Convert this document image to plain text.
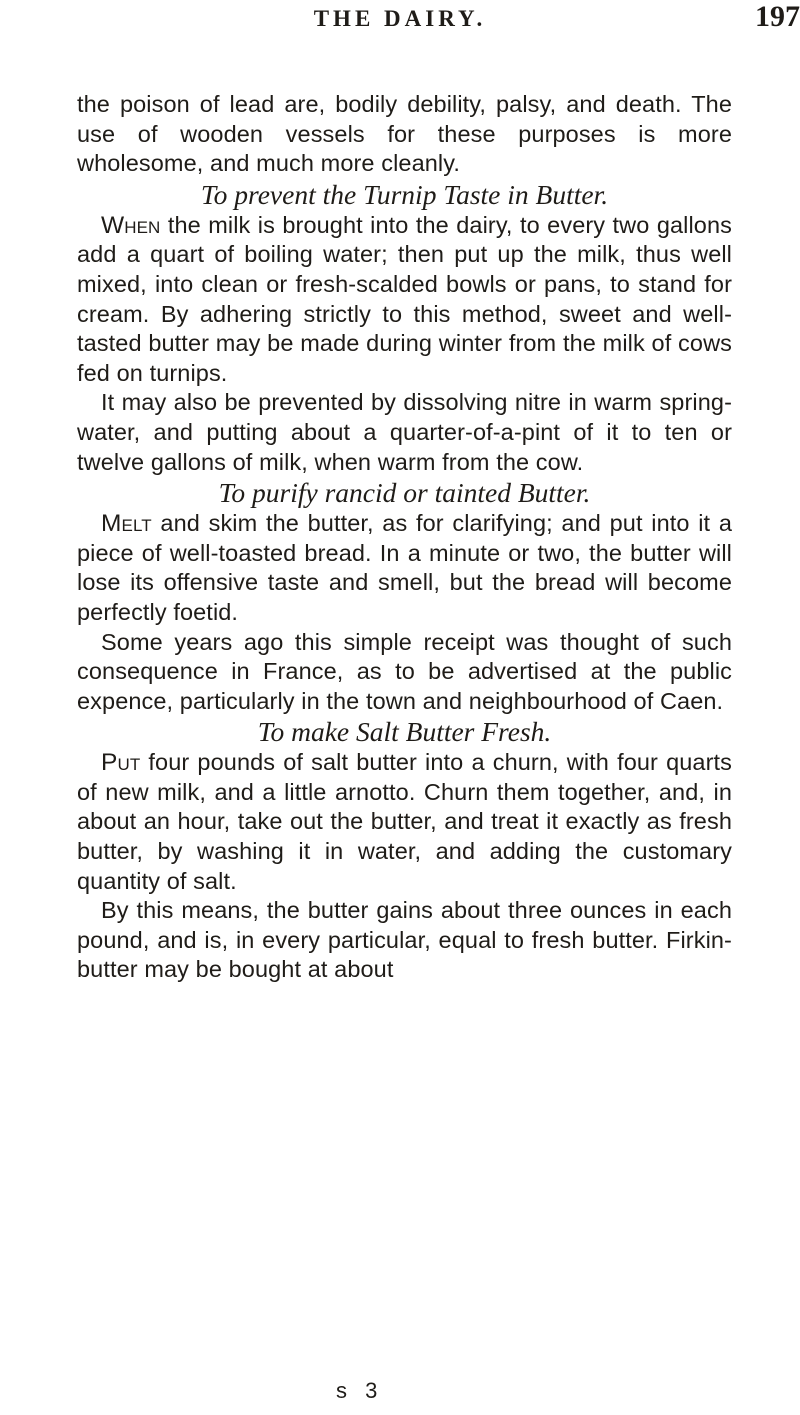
THE DAIRY.	197

the poison of lead are, bodily debility, palsy, and death. The use of wooden vessels for these purposes is more wholesome, and much more cleanly.

To prevent the Turnip Taste in Butter.

When the milk is brought into the dairy, to every two gallons add a quart of boiling water; then put up the milk, thus well mixed, into clean or fresh-scalded bowls or pans, to stand for cream. By adhering strictly to this method, sweet and well-tasted butter may be made during winter from the milk of cows fed on turnips.

It may also be prevented by dissolving nitre in warm spring-water, and putting about a quarter-of-a-pint of it to ten or twelve gallons of milk, when warm from the cow.

To purify rancid or tainted Butter.

Melt and skim the butter, as for clarifying; and put into it a piece of well-toasted bread. In a minute or two, the butter will lose its offensive taste and smell, but the bread will become perfectly foetid.

Some years ago this simple receipt was thought of such consequence in France, as to be advertised at the public expence, particularly in the town and neighbourhood of Caen.

To make Salt Butter Fresh.

Put four pounds of salt butter into a churn, with four quarts of new milk, and a little arnotto. Churn them together, and, in about an hour, take out the butter, and treat it exactly as fresh butter, by washing it in water, and adding the customary quantity of salt.

By this means, the butter gains about three ounces in each pound, and is, in every particular, equal to fresh butter. Firkin-butter may be bought at about

s 3
